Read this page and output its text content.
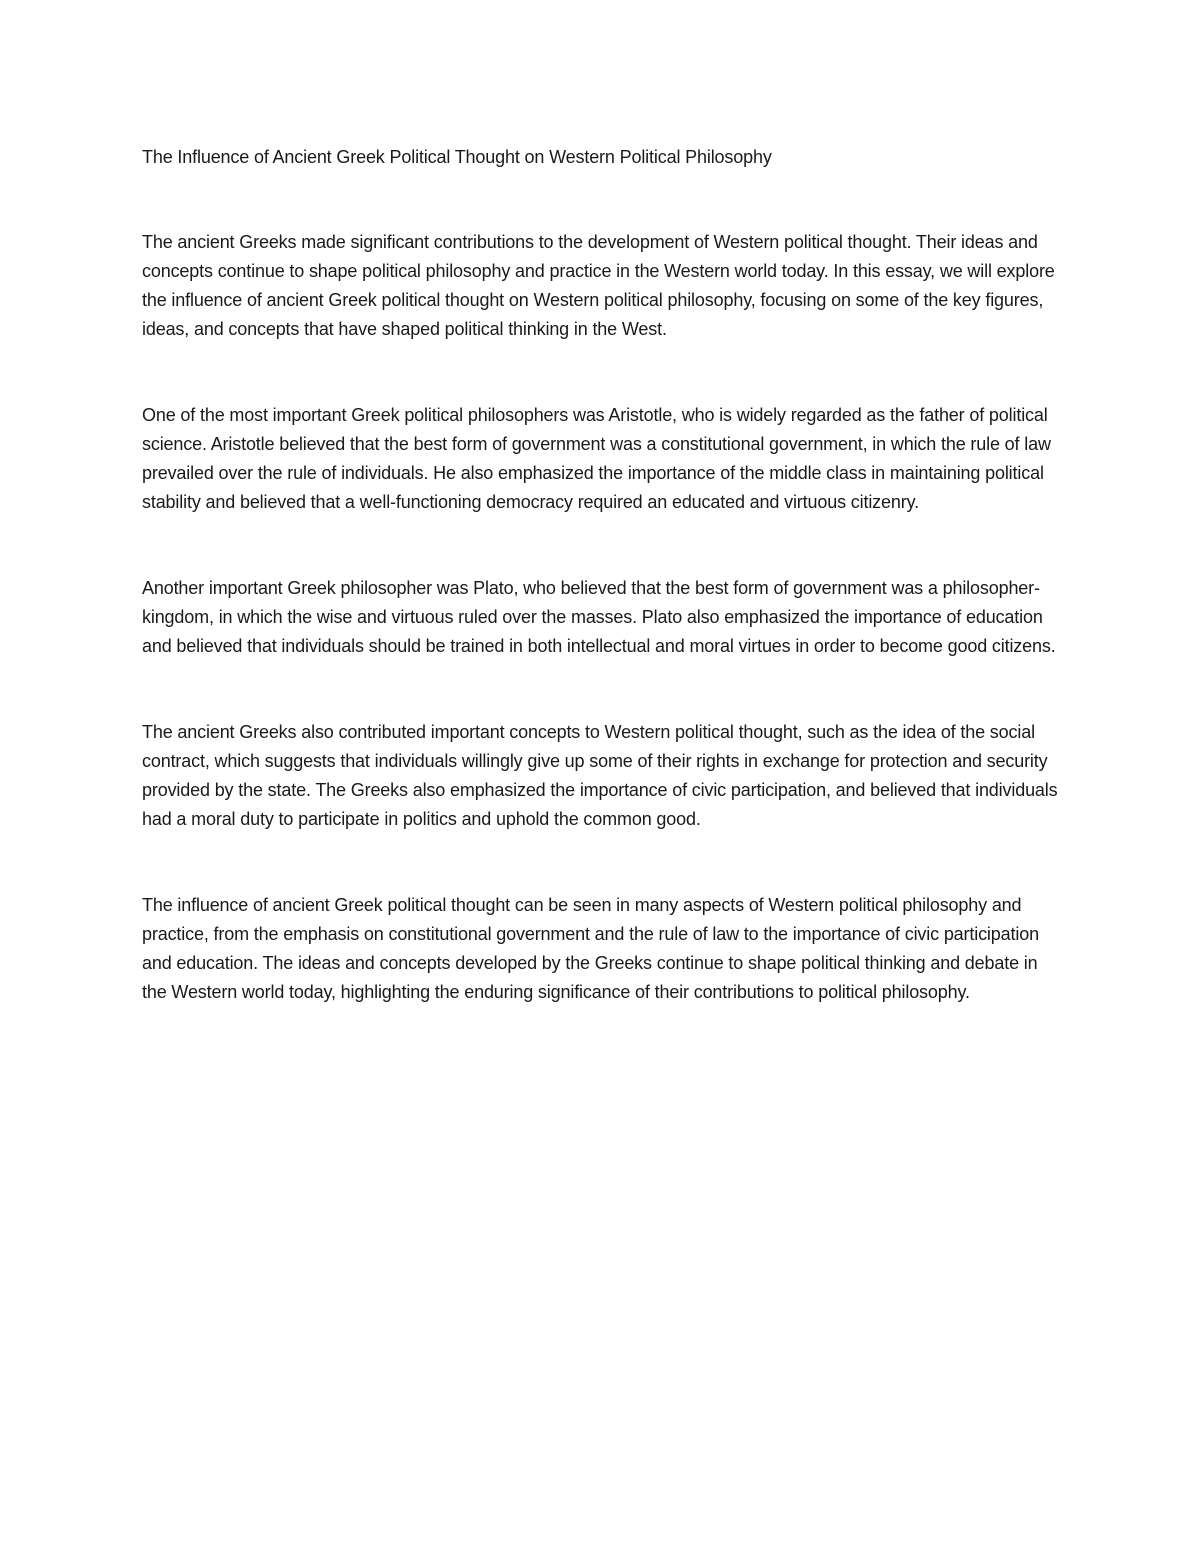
The Influence of Ancient Greek Political Thought on Western Political Philosophy

The ancient Greeks made significant contributions to the development of Western political thought. Their ideas and concepts continue to shape political philosophy and practice in the Western world today. In this essay, we will explore the influence of ancient Greek political thought on Western political philosophy, focusing on some of the key figures, ideas, and concepts that have shaped political thinking in the West.

One of the most important Greek political philosophers was Aristotle, who is widely regarded as the father of political science. Aristotle believed that the best form of government was a constitutional government, in which the rule of law prevailed over the rule of individuals. He also emphasized the importance of the middle class in maintaining political stability and believed that a well-functioning democracy required an educated and virtuous citizenry.

Another important Greek philosopher was Plato, who believed that the best form of government was a philosopher-kingdom, in which the wise and virtuous ruled over the masses. Plato also emphasized the importance of education and believed that individuals should be trained in both intellectual and moral virtues in order to become good citizens.

The ancient Greeks also contributed important concepts to Western political thought, such as the idea of the social contract, which suggests that individuals willingly give up some of their rights in exchange for protection and security provided by the state. The Greeks also emphasized the importance of civic participation, and believed that individuals had a moral duty to participate in politics and uphold the common good.

The influence of ancient Greek political thought can be seen in many aspects of Western political philosophy and practice, from the emphasis on constitutional government and the rule of law to the importance of civic participation and education. The ideas and concepts developed by the Greeks continue to shape political thinking and debate in the Western world today, highlighting the enduring significance of their contributions to political philosophy.
